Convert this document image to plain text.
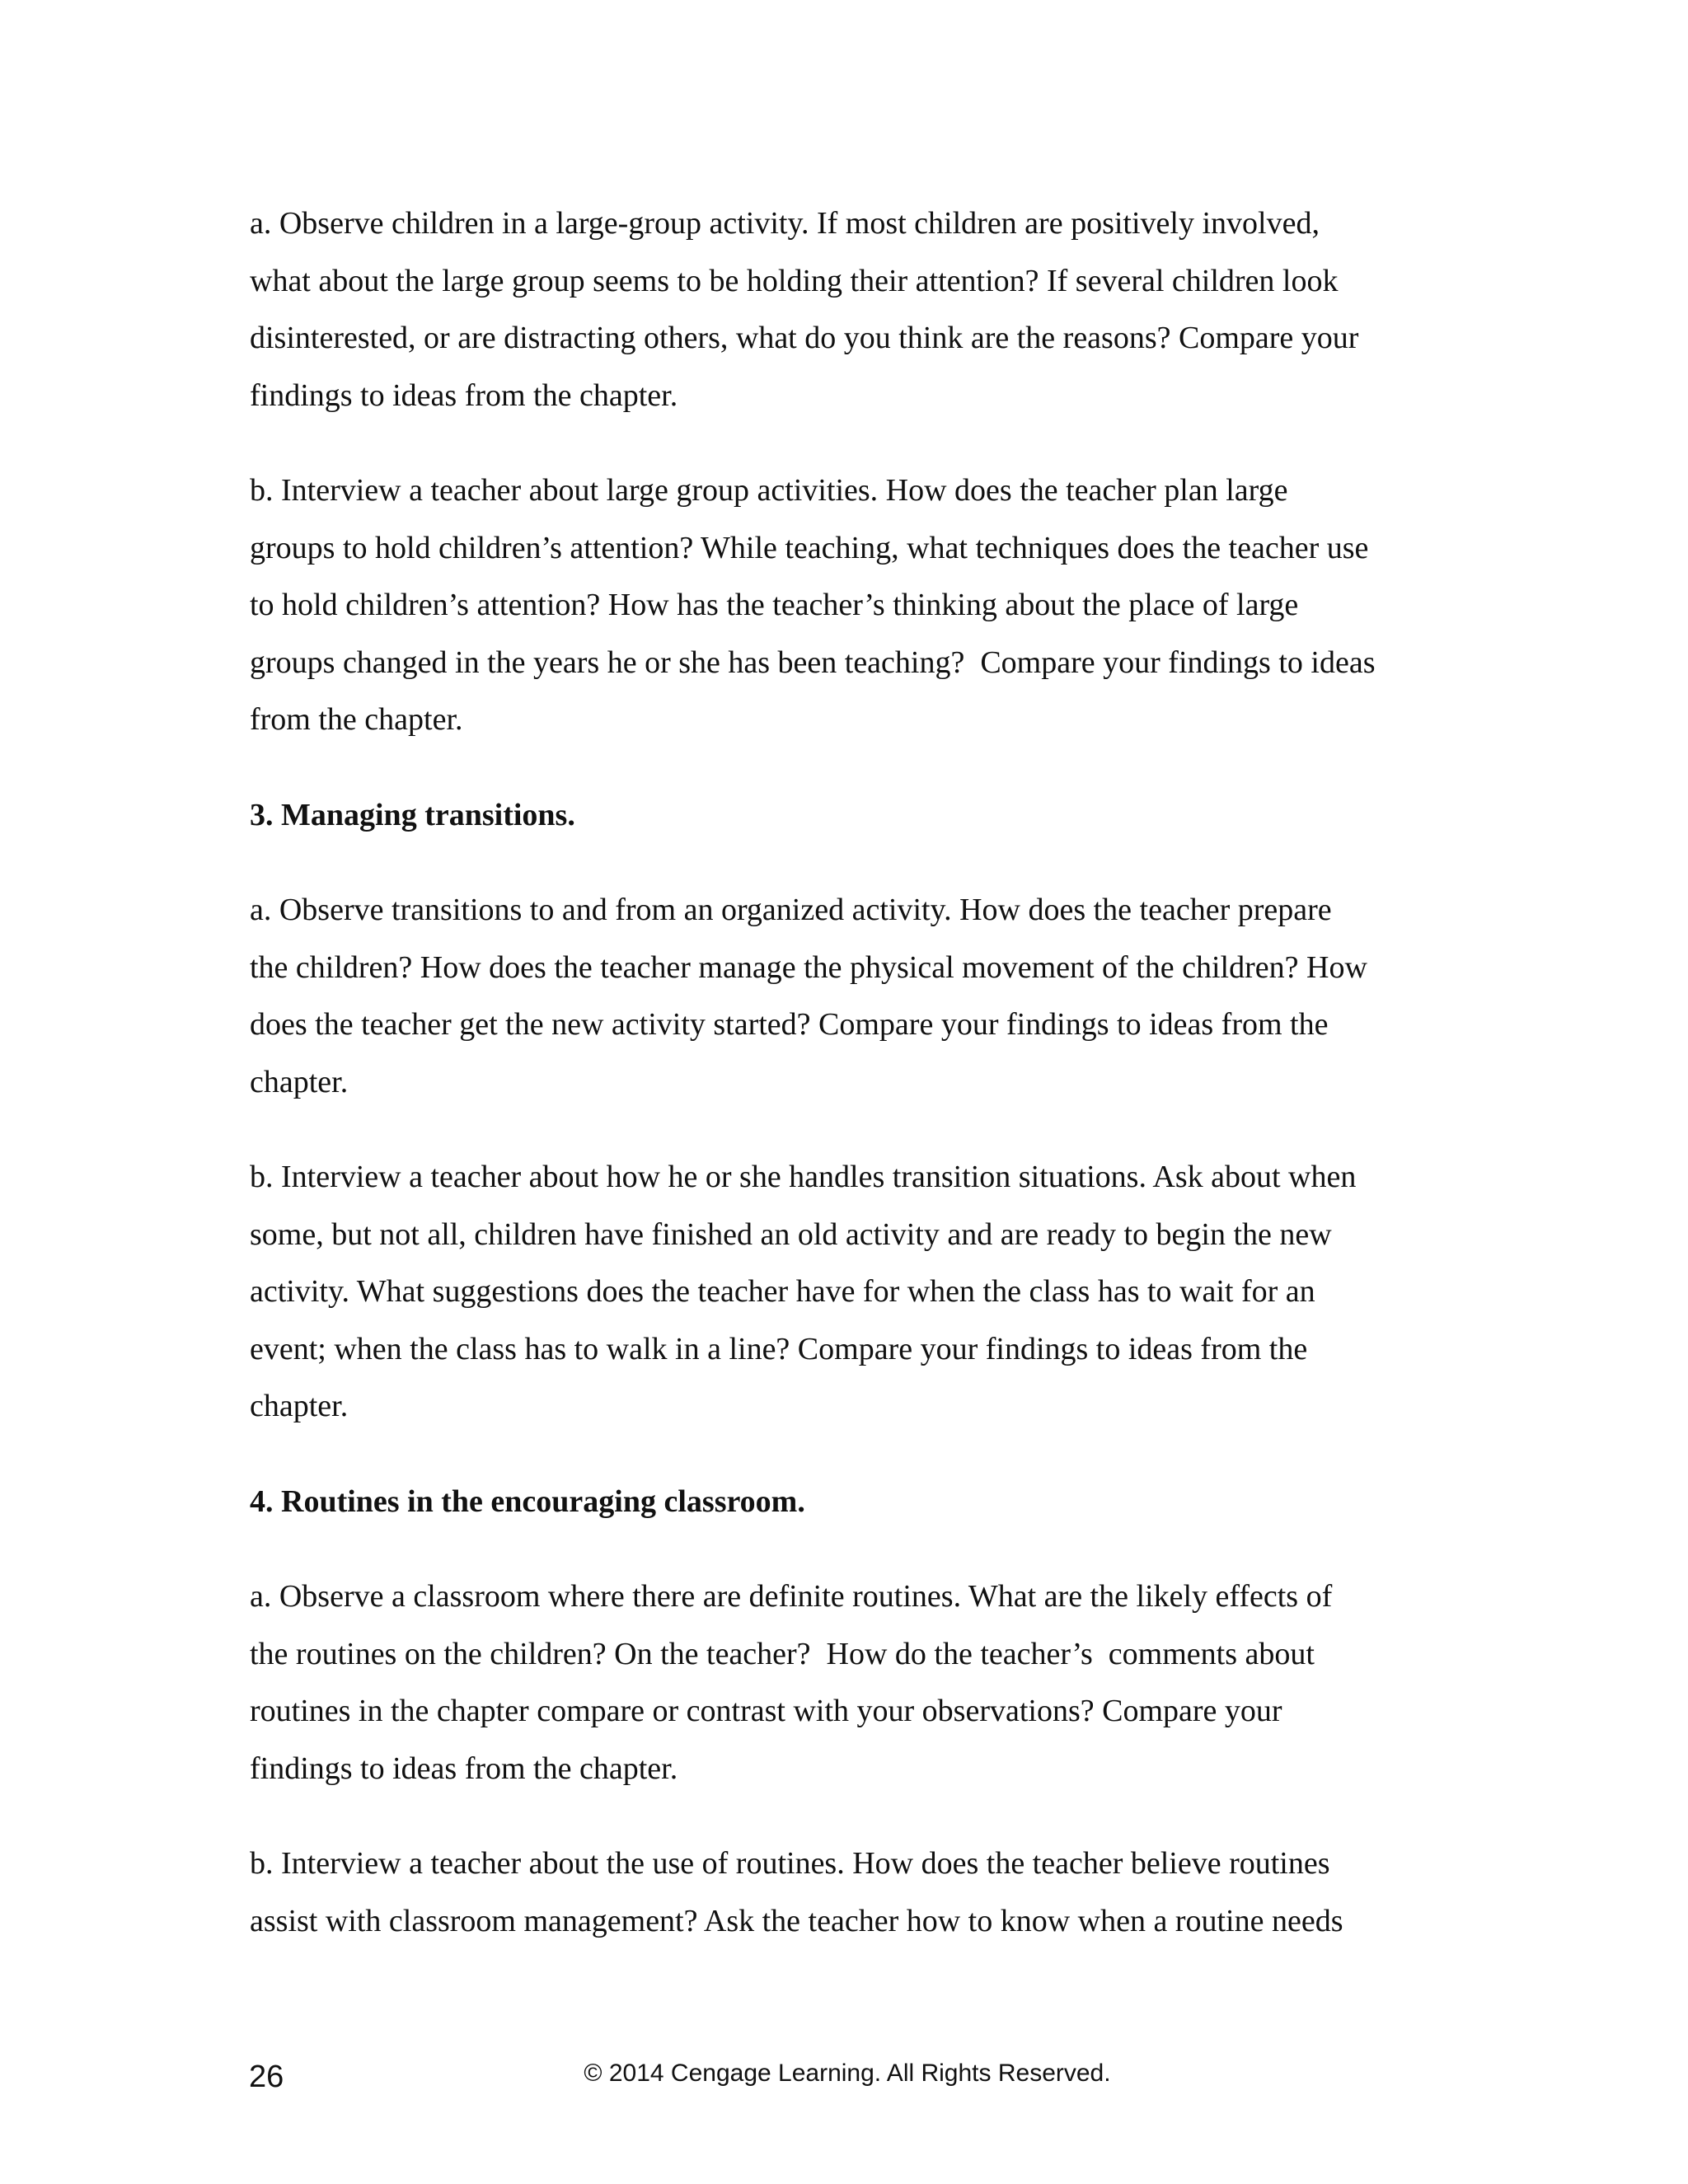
a. Observe children in a large-group activity. If most children are positively involved,
what about the large group seems to be holding their attention? If several children look
disinterested, or are distracting others, what do you think are the reasons? Compare your
findings to ideas from the chapter.

b. Interview a teacher about large group activities. How does the teacher plan large
groups to hold children’s attention? While teaching, what techniques does the teacher use
to hold children’s attention? How has the teacher’s thinking about the place of large
groups changed in the years he or she has been teaching?  Compare your findings to ideas
from the chapter.

3. Managing transitions.

a. Observe transitions to and from an organized activity. How does the teacher prepare
the children? How does the teacher manage the physical movement of the children? How
does the teacher get the new activity started? Compare your findings to ideas from the
chapter.

b. Interview a teacher about how he or she handles transition situations. Ask about when
some, but not all, children have finished an old activity and are ready to begin the new
activity. What suggestions does the teacher have for when the class has to wait for an
event; when the class has to walk in a line? Compare your findings to ideas from the
chapter.

4. Routines in the encouraging classroom.

a. Observe a classroom where there are definite routines. What are the likely effects of
the routines on the children? On the teacher?  How do the teacher’s  comments about
routines in the chapter compare or contrast with your observations? Compare your
findings to ideas from the chapter.

b. Interview a teacher about the use of routines. How does the teacher believe routines
assist with classroom management? Ask the teacher how to know when a routine needs

26	© 2014 Cengage Learning. All Rights Reserved.
